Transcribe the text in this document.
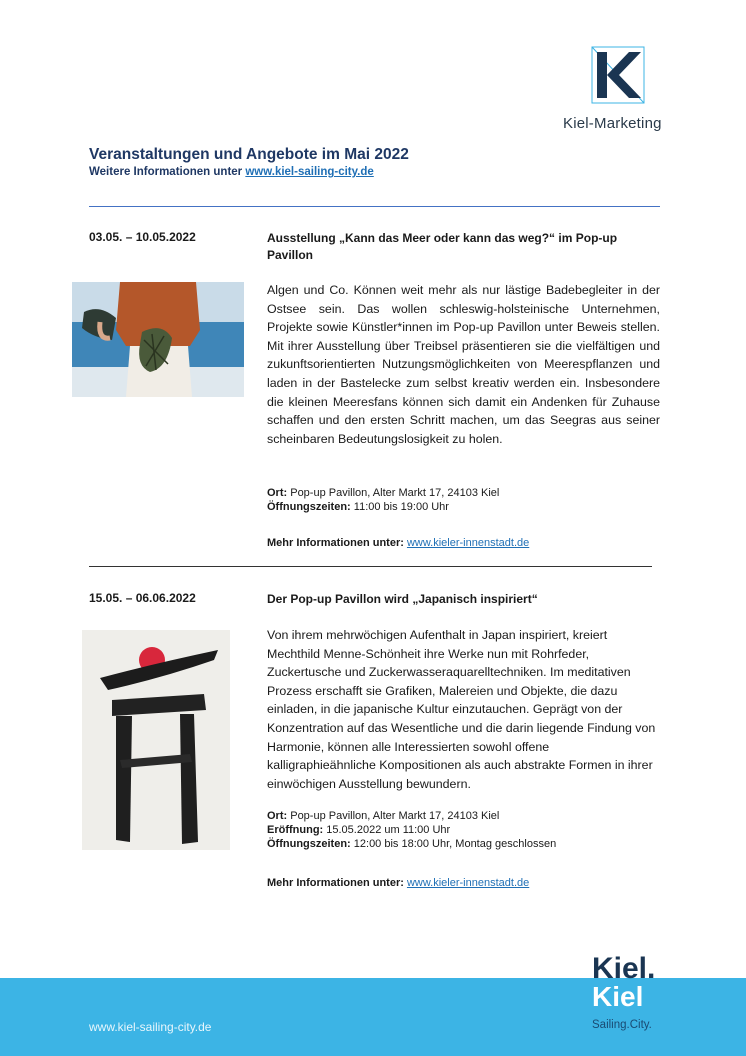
Kiel-Marketing
Veranstaltungen und Angebote im Mai 2022
Weitere Informationen unter www.kiel-sailing-city.de
03.05. – 10.05.2022	Ausstellung „Kann das Meer oder kann das weg?“ im Pop-up Pavillon
Algen und Co. Können weit mehr als nur lästige Badebegleiter in der Ostsee sein. Das wollen schleswig-holsteinische Unternehmen, Projekte sowie Künstler*innen im Pop-up Pavillon unter Beweis stellen. Mit ihrer Ausstellung über Treibsel präsentieren sie die vielfältigen und zukunftsorientierten Nutzungsmöglichkeiten von Meerespflanzen und laden in der Bastelecke zum selbst kreativ werden ein. Insbesondere die kleinen Meeresfans können sich damit ein Andenken für Zuhause schaffen und den ersten Schritt machen, um das Seegras aus seiner scheinbaren Bedeutungslosigkeit zu holen.
Ort: Pop-up Pavillon, Alter Markt 17, 24103 Kiel
Öffnungszeiten: 11:00 bis 19:00 Uhr
Mehr Informationen unter: www.kieler-innenstadt.de
15.05. – 06.06.2022	Der Pop-up Pavillon wird „Japanisch inspiriert“
Von ihrem mehrwöchigen Aufenthalt in Japan inspiriert, kreiert Mechthild Menne-Schönheit ihre Werke nun mit Rohrfeder, Zuckertusche und Zuckerwasseraquarelltechniken. Im meditativen Prozess erschafft sie Grafiken, Malereien und Objekte, die dazu einladen, in die japanische Kultur einzutauchen. Geprägt von der Konzentration auf das Wesentliche und die darin liegende Findung von Harmonie, können alle Interessierten sowohl offene kalligraphieähnliche Kompositionen als auch abstrakte Formen in ihrer einwöchigen Ausstellung bewundern.
Ort: Pop-up Pavillon, Alter Markt 17, 24103 Kiel
Eröffnung: 15.05.2022 um 11:00 Uhr
Öffnungszeiten: 12:00 bis 18:00 Uhr, Montag geschlossen
Mehr Informationen unter: www.kieler-innenstadt.de
www.kiel-sailing-city.de
Kiel.
Kiel
Sailing.City.
